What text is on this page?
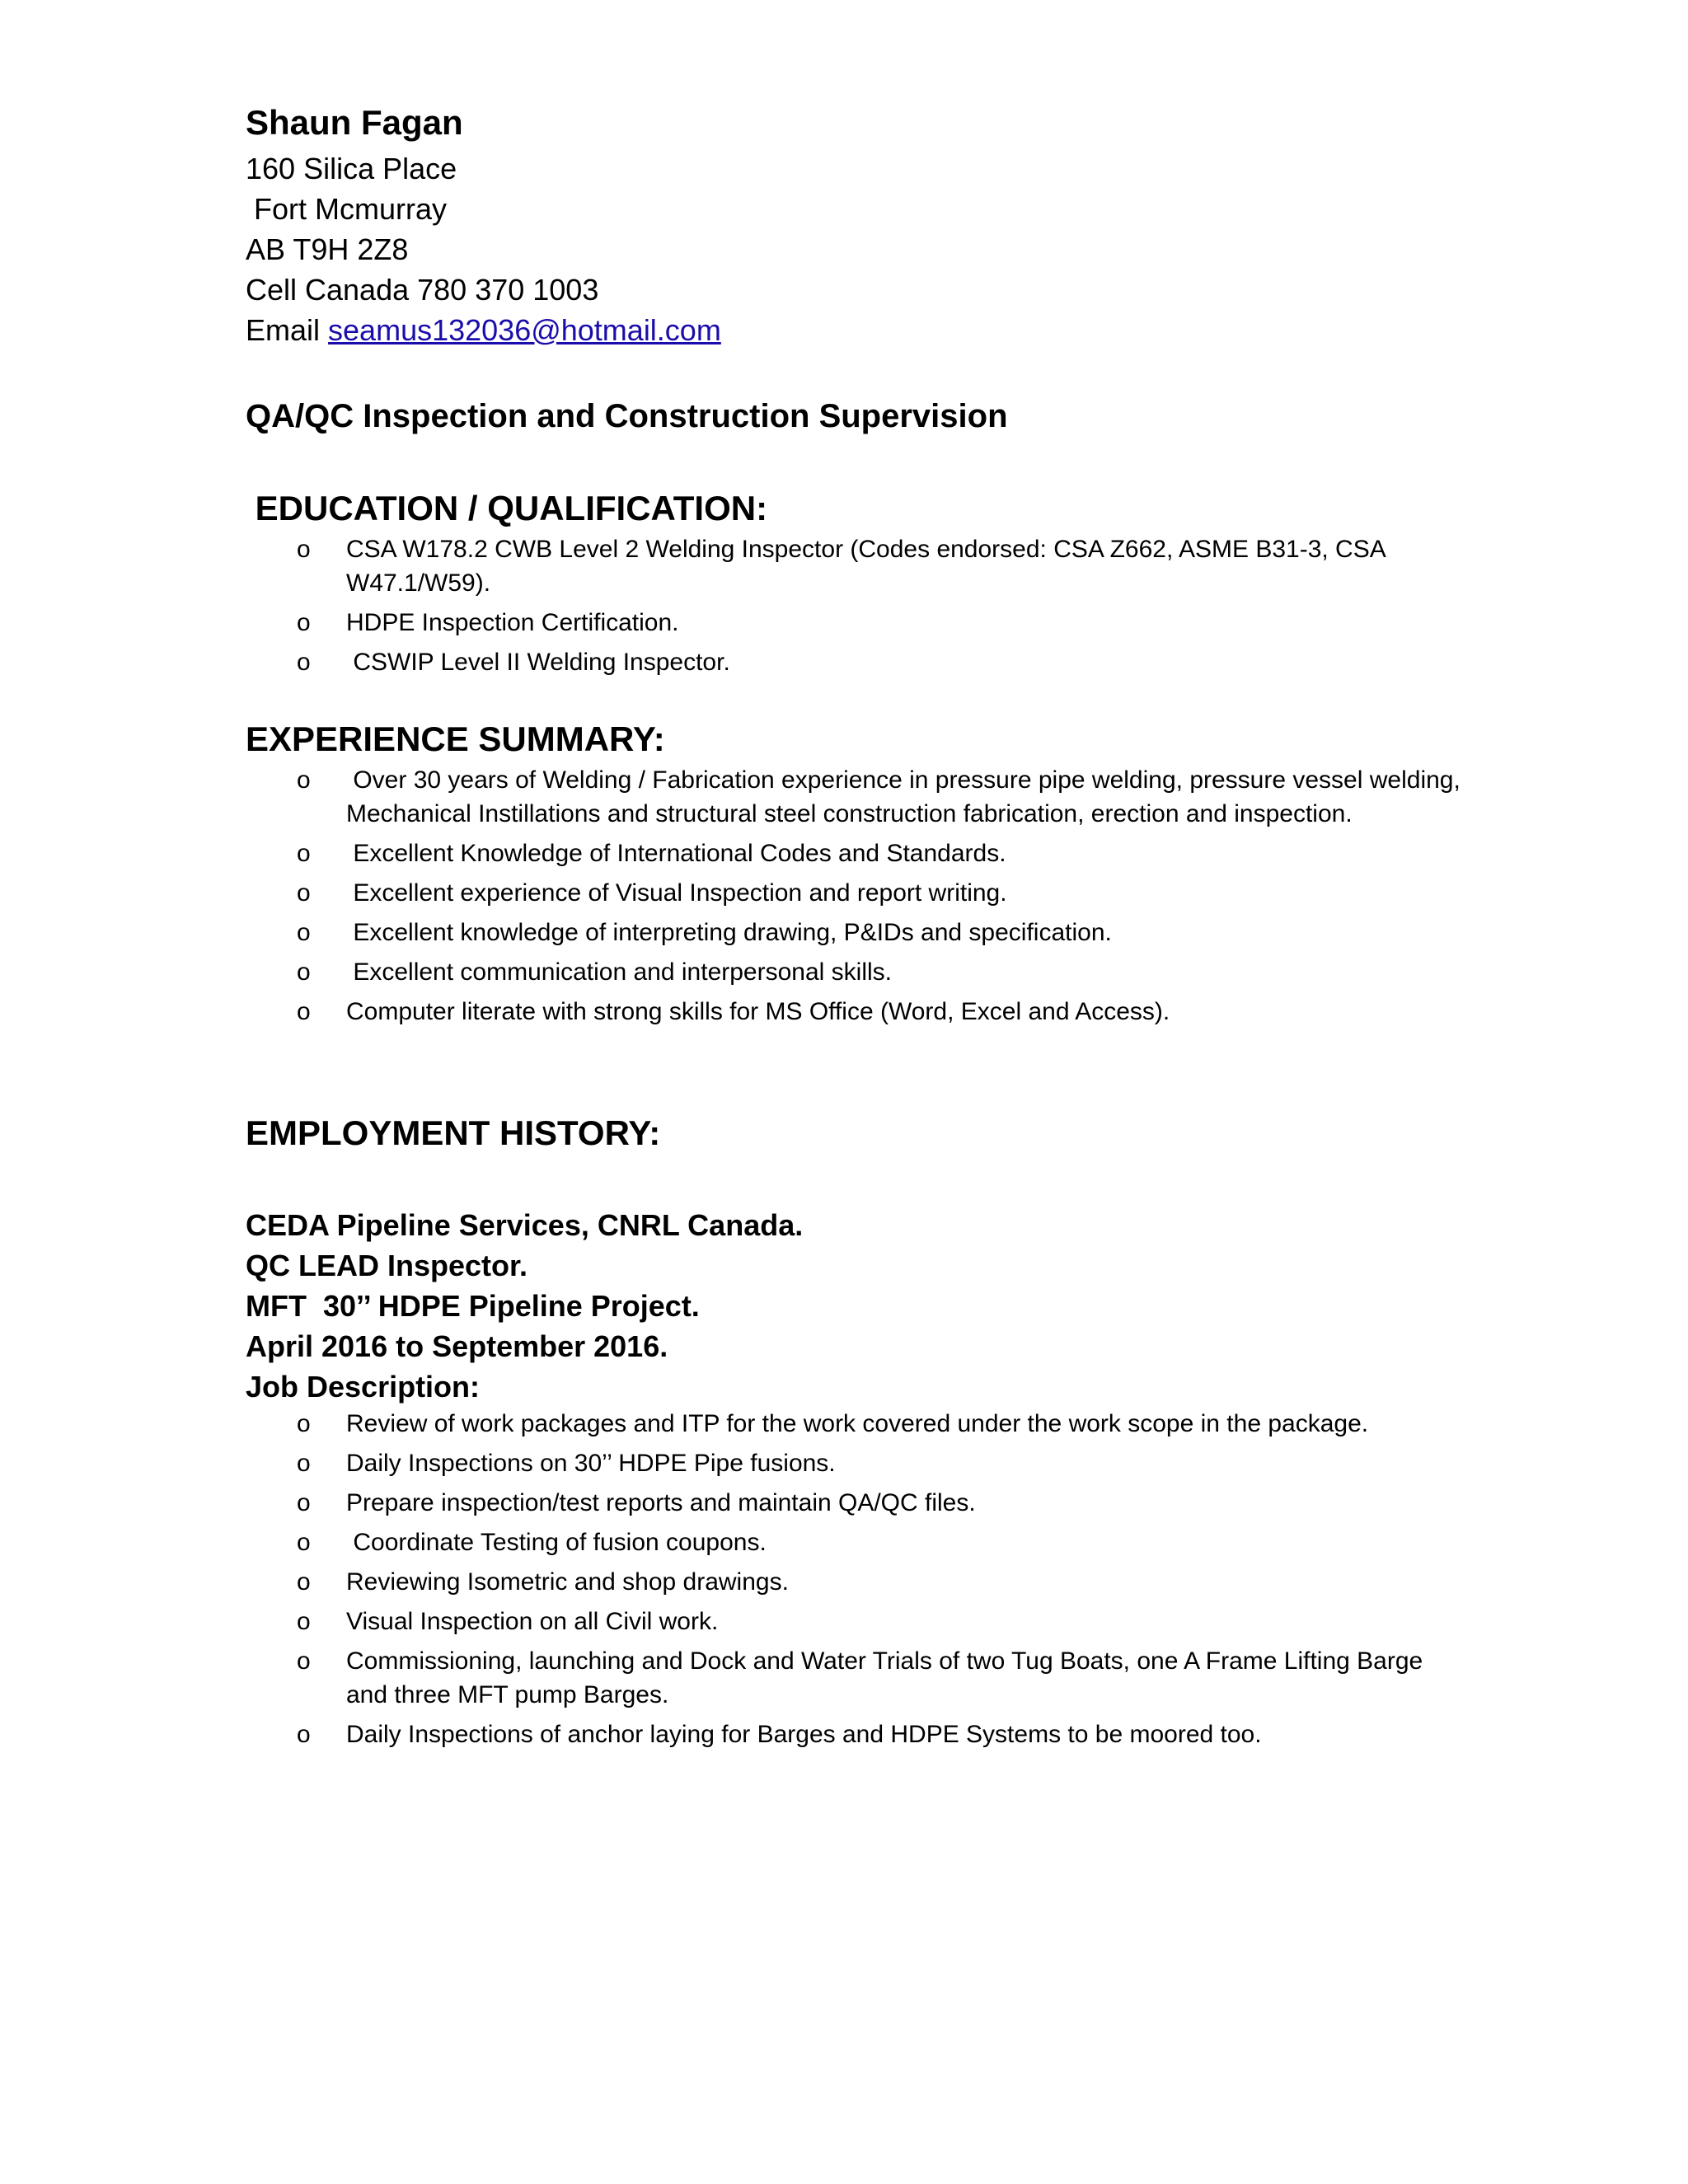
Shaun Fagan

160 Silica Place

Fort Mcmurray

AB T9H 2Z8

Cell Canada 780 370 1003

Email seamus132036@hotmail.com

QA/QC Inspection and Construction Supervision

EDUCATION / QUALIFICATION:

o CSA W178.2 CWB Level 2 Welding Inspector (Codes endorsed: CSA Z662, ASME B31-3, CSA W47.1/W59).
o HDPE Inspection Certification.
o CSWIP Level II Welding Inspector.

EXPERIENCE SUMMARY:

o Over 30 years of Welding / Fabrication experience in pressure pipe welding, pressure vessel welding, Mechanical Instillations and structural steel construction fabrication, erection and inspection.
o Excellent Knowledge of International Codes and Standards.
o Excellent experience of Visual Inspection and report writing.
o Excellent knowledge of interpreting drawing, P&IDs and specification.
o Excellent communication and interpersonal skills.
o Computer literate with strong skills for MS Office (Word, Excel and Access).

EMPLOYMENT HISTORY:

CEDA Pipeline Services, CNRL Canada.

QC LEAD Inspector.

MFT  30’’ HDPE Pipeline Project.

April 2016 to September 2016.

Job Description:

o Review of work packages and ITP for the work covered under the work scope in the package.
o Daily Inspections on 30’’ HDPE Pipe fusions.
o Prepare inspection/test reports and maintain QA/QC files.
o Coordinate Testing of fusion coupons.
o Reviewing Isometric and shop drawings.
o Visual Inspection on all Civil work.
o Commissioning, launching and Dock and Water Trials of two Tug Boats, one A Frame Lifting Barge and three MFT pump Barges.
o Daily Inspections of anchor laying for Barges and HDPE Systems to be moored too.
